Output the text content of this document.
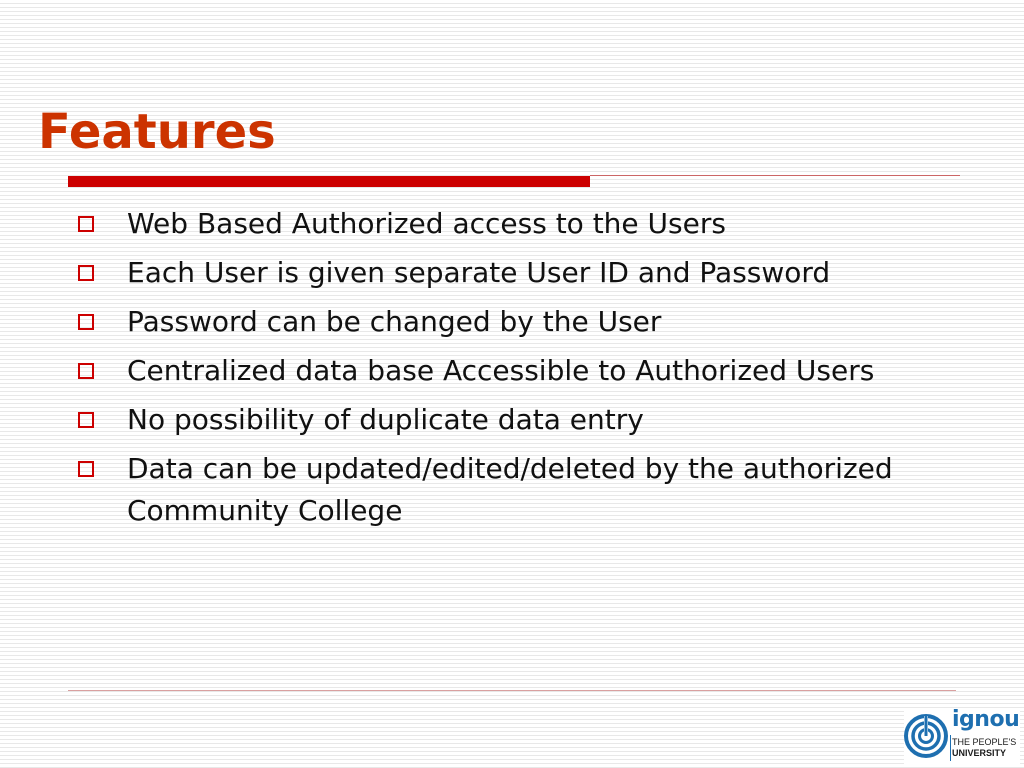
Features
Web Based Authorized access to the Users
Each User is given separate User ID and Password
Password can be changed by the User
Centralized data base Accessible to Authorized Users
No possibility of duplicate data entry
Data can be updated/edited/deleted by the authorized Community College
ignou
THE PEOPLE'S
UNIVERSITY
